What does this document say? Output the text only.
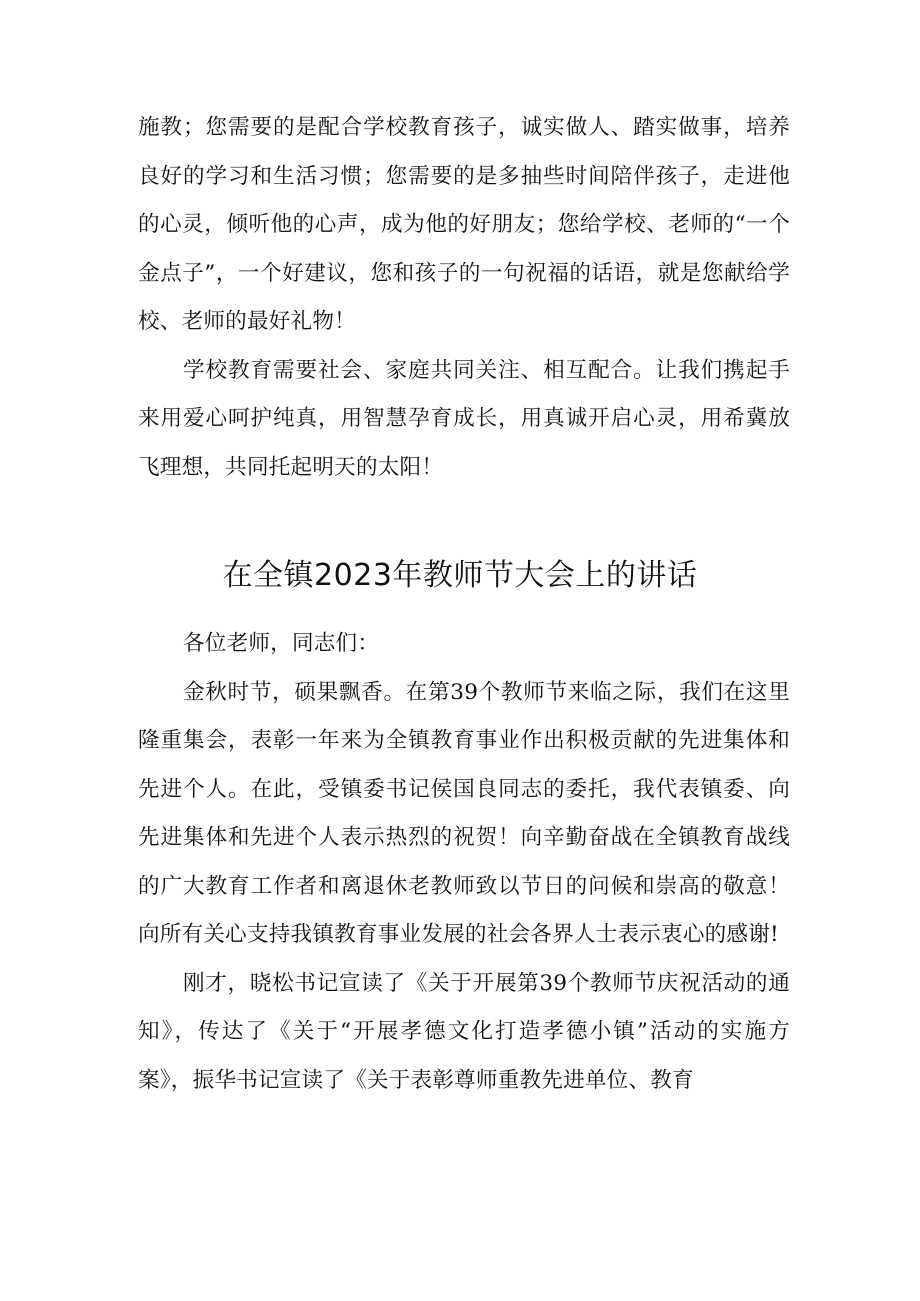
施教；您需要的是配合学校教育孩子，诚实做人、踏实做事，培养良好的学习和生活习惯；您需要的是多抽些时间陪伴孩子，走进他的心灵，倾听他的心声，成为他的好朋友；您给学校、老师的“一个金点子”，一个好建议，您和孩子的一句祝福的话语，就是您献给学校、老师的最好礼物！

学校教育需要社会、家庭共同关注、相互配合。让我们携起手来用爱心呵护纯真，用智慧孕育成长，用真诚开启心灵，用希冀放飞理想，共同托起明天的太阳！

在全镇2023年教师节大会上的讲话

各位老师，同志们：

金秋时节，硕果飘香。在第39个教师节来临之际，我们在这里隆重集会，表彰一年来为全镇教育事业作出积极贡献的先进集体和先进个人。在此，受镇委书记侯国良同志的委托，我代表镇委、向先进集体和先进个人表示热烈的祝贺！向辛勤奋战在全镇教育战线的广大教育工作者和离退休老教师致以节日的问候和崇高的敬意！向所有关心支持我镇教育事业发展的社会各界人士表示衷心的感谢!

刚才，晓松书记宣读了《关于开展第39个教师节庆祝活动的通知》，传达了《关于“开展孝德文化打造孝德小镇”活动的实施方案》，振华书记宣读了《关于表彰尊师重教先进单位、教育
